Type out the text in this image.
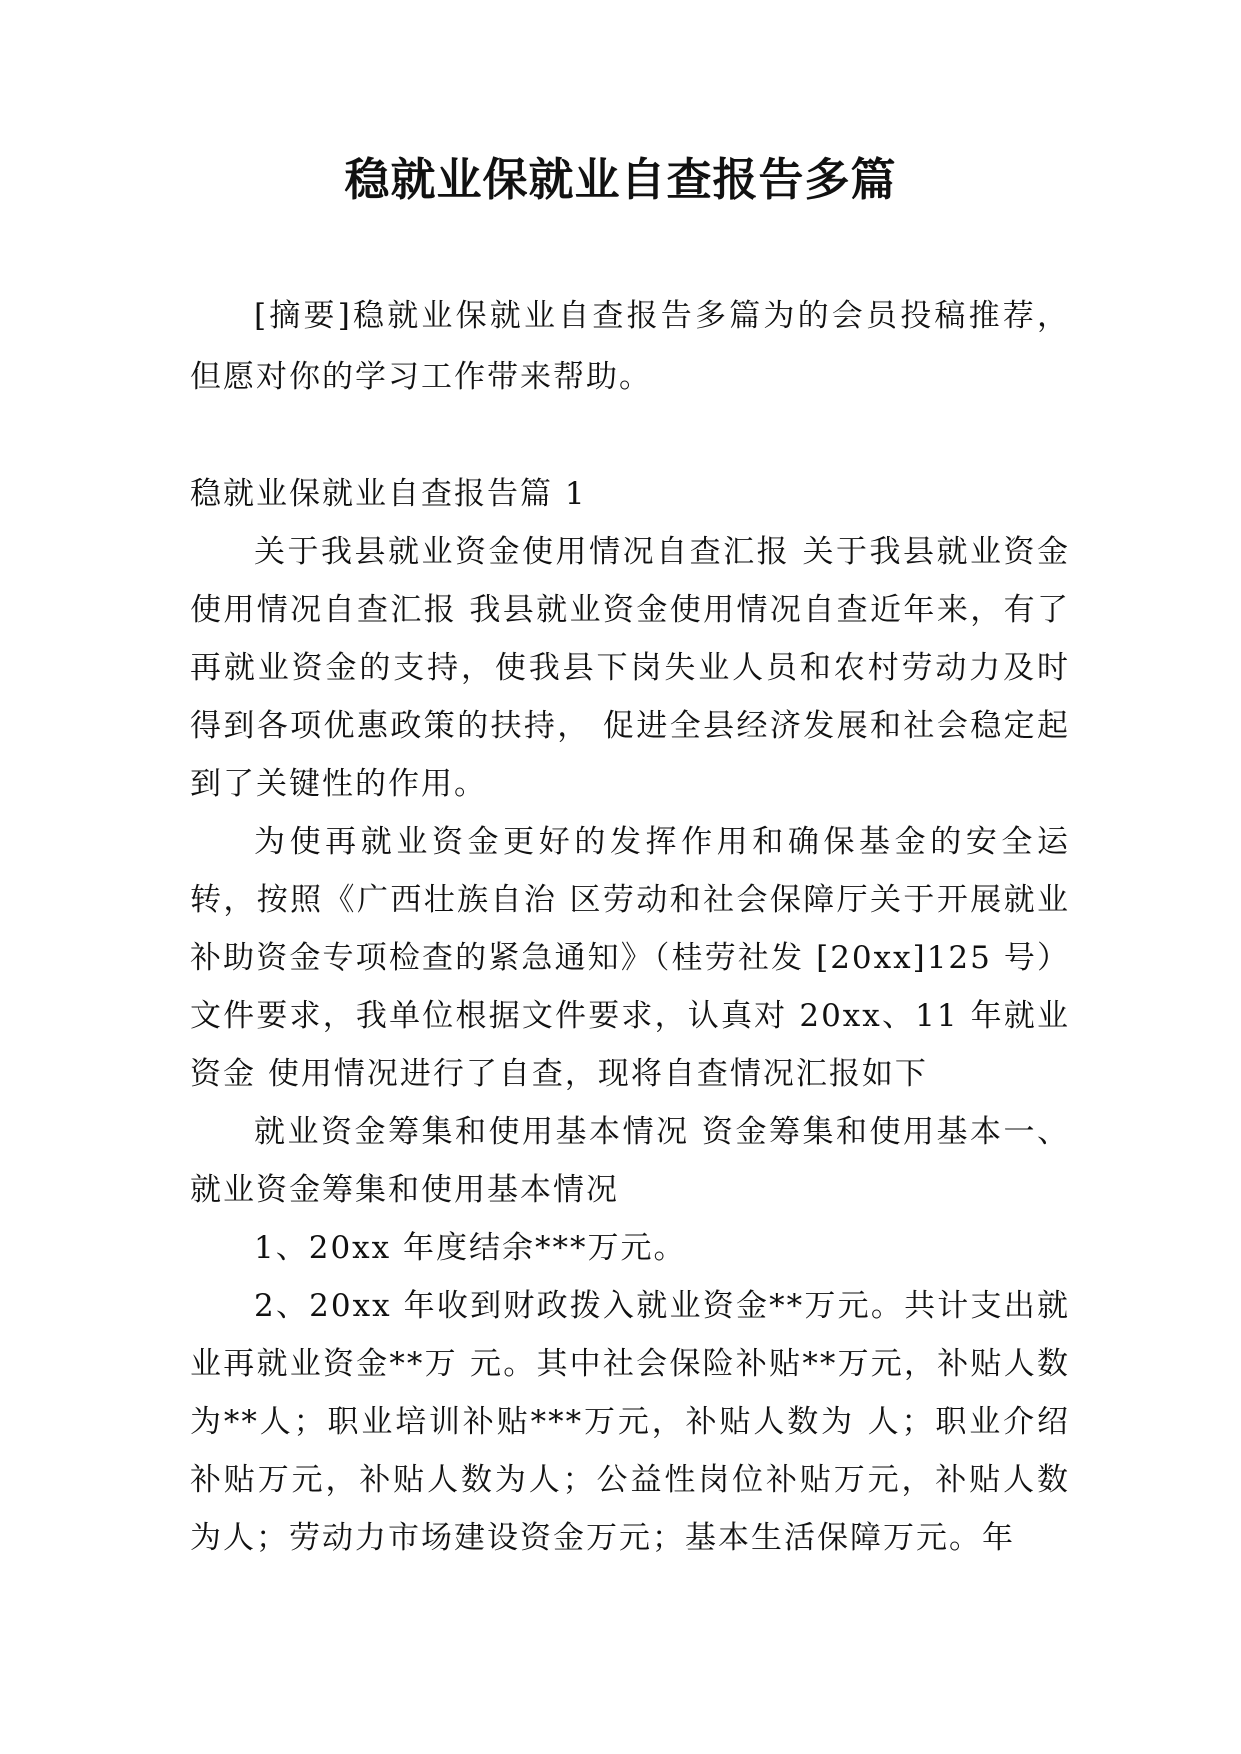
稳就业保就业自查报告多篇

[摘要]稳就业保就业自查报告多篇为的会员投稿推荐，但愿对你的学习工作带来帮助。

稳就业保就业自查报告篇 1

关于我县就业资金使用情况自查汇报 关于我县就业资金使用情况自查汇报 我县就业资金使用情况自查近年来，有了再就业资金的支持，使我县下岗失业人员和农村劳动力及时 得到各项优惠政策的扶持， 促进全县经济发展和社会稳定起到了关键性的作用。

为使再就业资金更好的发挥作用和确保基金的安全运转，按照《广西壮族自治 区劳动和社会保障厅关于开展就业补助资金专项检查的紧急通知》（桂劳社发 [20xx]125 号）文件要求，我单位根据文件要求，认真对 20xx、11 年就业资金 使用情况进行了自查，现将自查情况汇报如下

就业资金筹集和使用基本情况 资金筹集和使用基本一、就业资金筹集和使用基本情况

1、20xx 年度结余***万元。

2、20xx 年收到财政拨入就业资金**万元。共计支出就业再就业资金**万 元。其中社会保险补贴**万元，补贴人数为**人；职业培训补贴***万元，补贴人数为 人；职业介绍补贴万元，补贴人数为人；公益性岗位补贴万元，补贴人数为人；劳动力市场建设资金万元；基本生活保障万元。年
